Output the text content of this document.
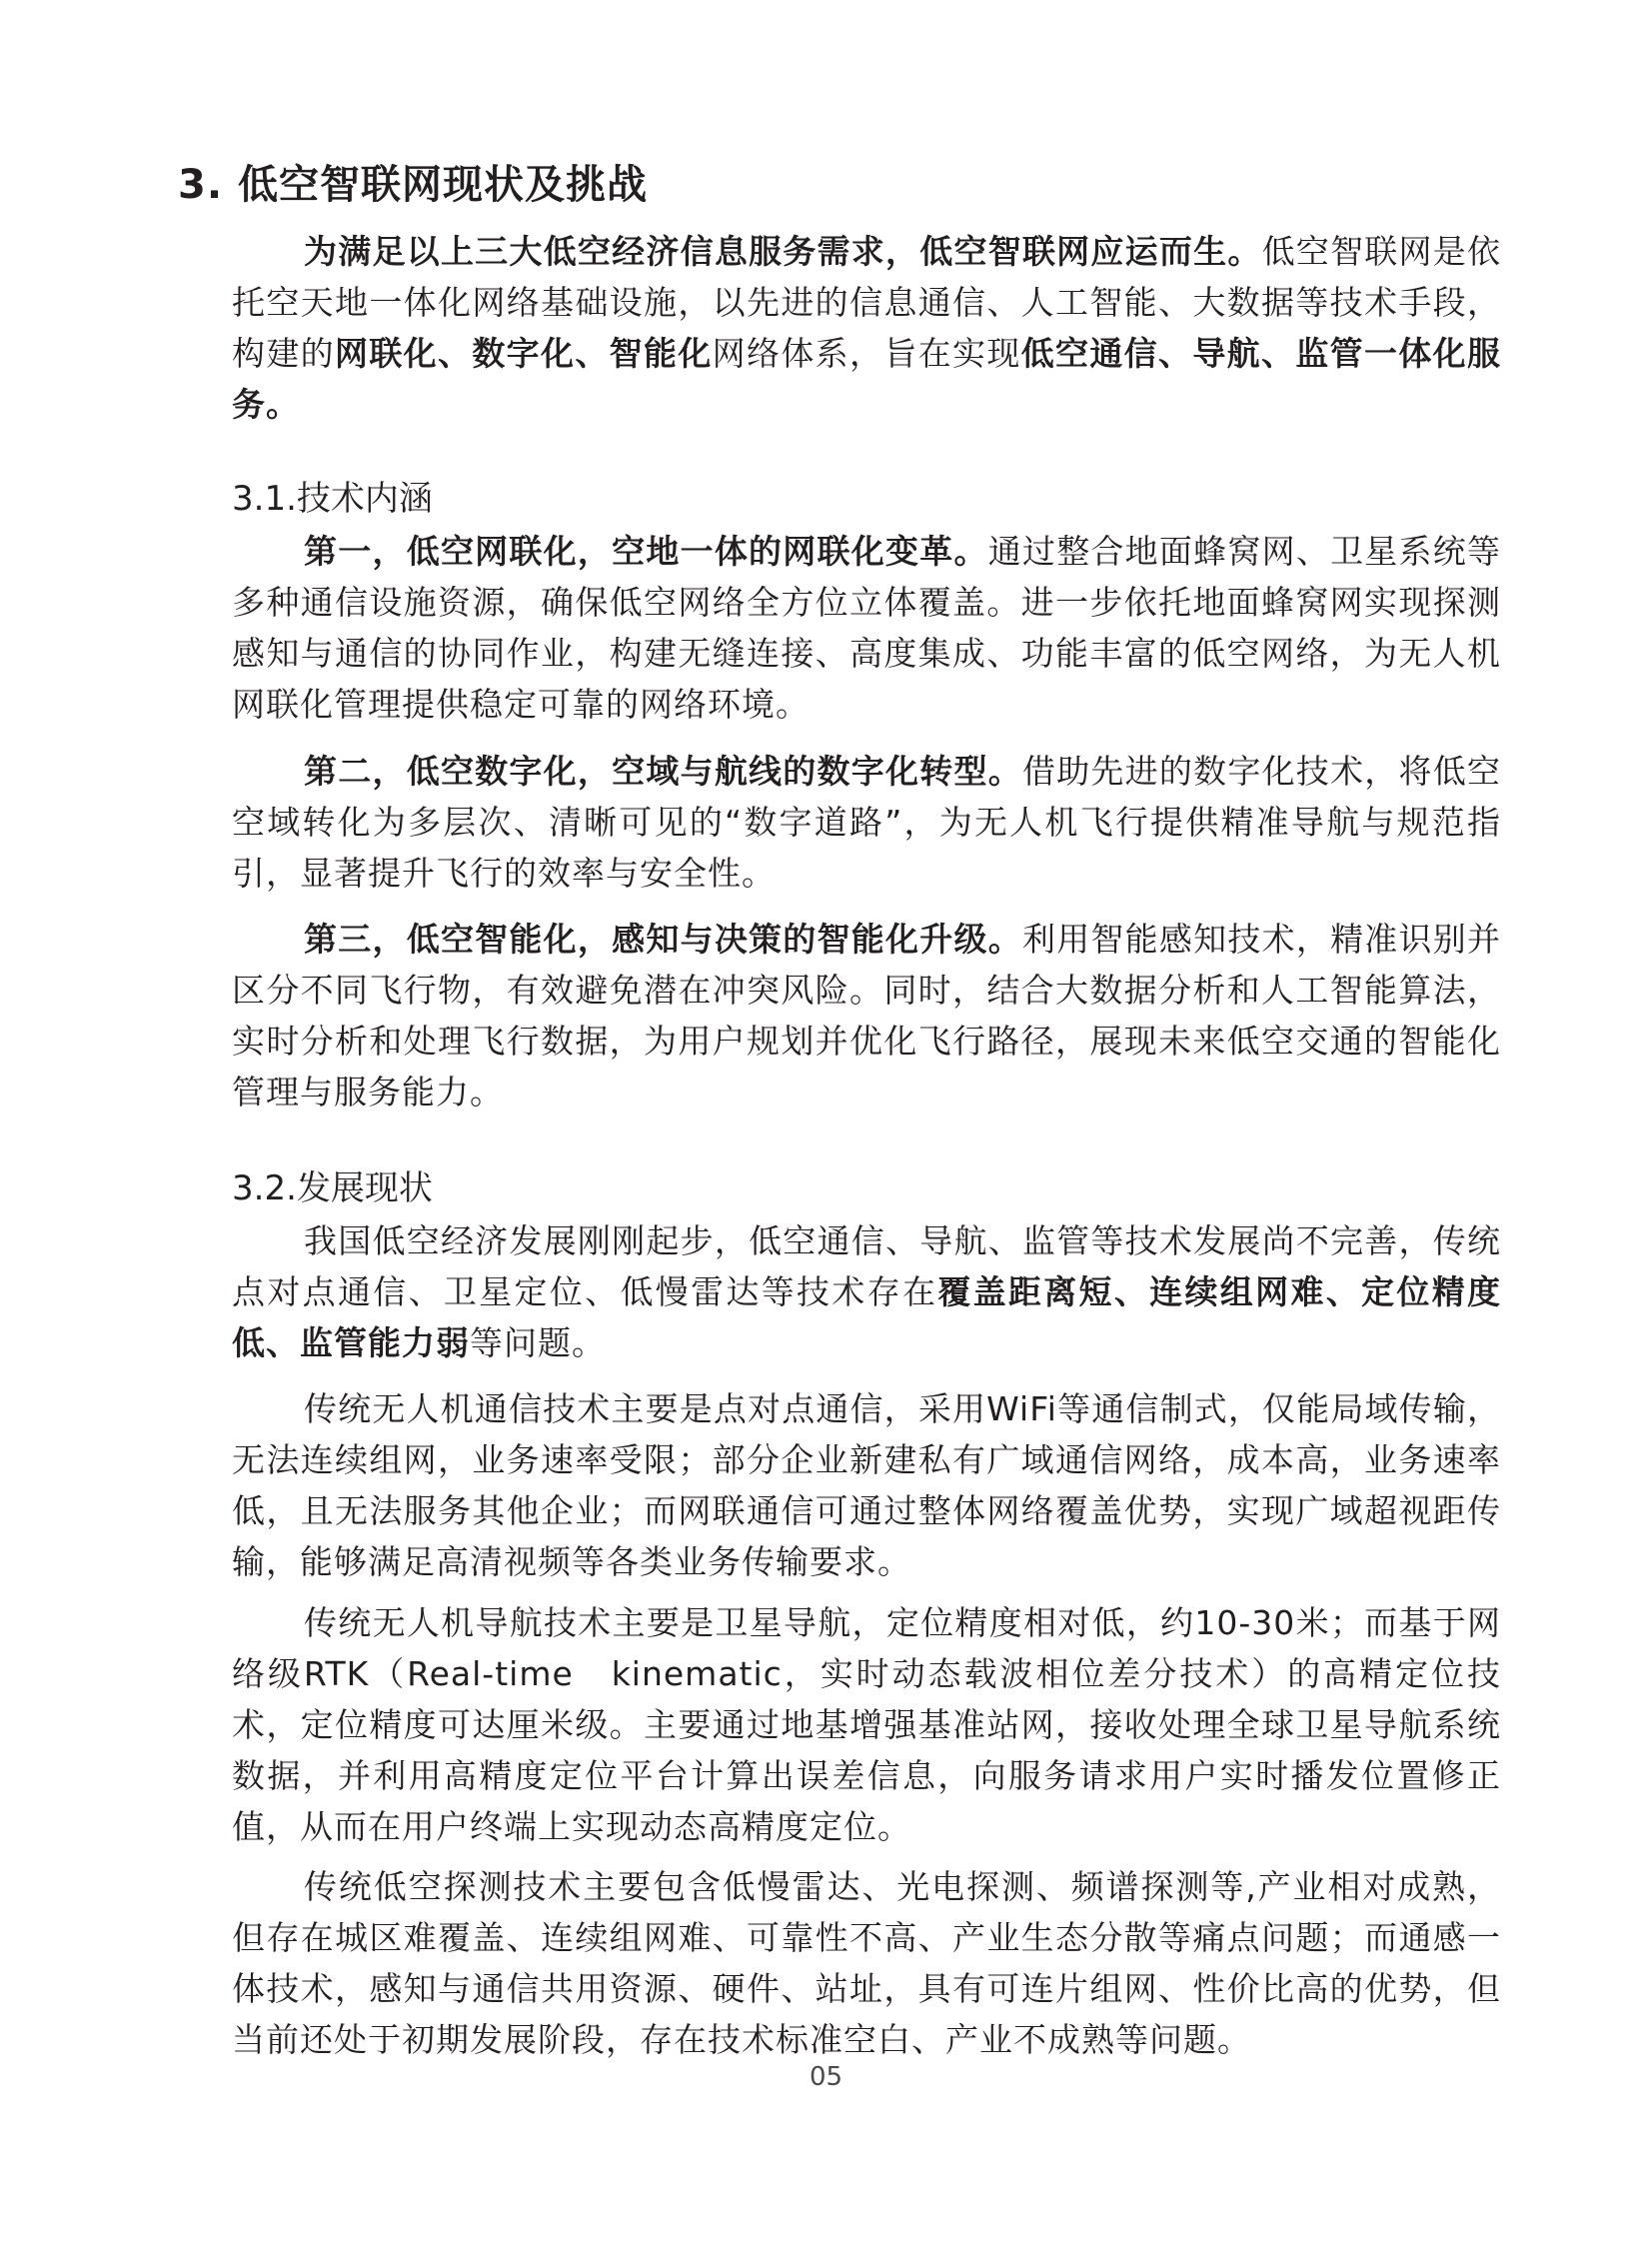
3. 低空智联网现状及挑战

为满足以上三大低空经济信息服务需求，低空智联网应运而生。低空智联网是依托空天地一体化网络基础设施，以先进的信息通信、人工智能、大数据等技术手段，构建的网联化、数字化、智能化网络体系，旨在实现低空通信、导航、监管一体化服务。

3.1.技术内涵

第一，低空网联化，空地一体的网联化变革。通过整合地面蜂窝网、卫星系统等多种通信设施资源，确保低空网络全方位立体覆盖。进一步依托地面蜂窝网实现探测感知与通信的协同作业，构建无缝连接、高度集成、功能丰富的低空网络，为无人机网联化管理提供稳定可靠的网络环境。

第二，低空数字化，空域与航线的数字化转型。借助先进的数字化技术，将低空空域转化为多层次、清晰可见的“数字道路”，为无人机飞行提供精准导航与规范指引，显著提升飞行的效率与安全性。

第三，低空智能化，感知与决策的智能化升级。利用智能感知技术，精准识别并区分不同飞行物，有效避免潜在冲突风险。同时，结合大数据分析和人工智能算法，实时分析和处理飞行数据，为用户规划并优化飞行路径，展现未来低空交通的智能化管理与服务能力。

3.2.发展现状

我国低空经济发展刚刚起步，低空通信、导航、监管等技术发展尚不完善，传统点对点通信、卫星定位、低慢雷达等技术存在覆盖距离短、连续组网难、定位精度低、监管能力弱等问题。

传统无人机通信技术主要是点对点通信，采用WiFi等通信制式，仅能局域传输，无法连续组网，业务速率受限；部分企业新建私有广域通信网络，成本高，业务速率低，且无法服务其他企业；而网联通信可通过整体网络覆盖优势，实现广域超视距传输，能够满足高清视频等各类业务传输要求。

传统无人机导航技术主要是卫星导航，定位精度相对低，约10-30米；而基于网络级RTK（Real-time　kinematic，实时动态载波相位差分技术）的高精定位技术，定位精度可达厘米级。主要通过地基增强基准站网，接收处理全球卫星导航系统数据，并利用高精度定位平台计算出误差信息，向服务请求用户实时播发位置修正值，从而在用户终端上实现动态高精度定位。

传统低空探测技术主要包含低慢雷达、光电探测、频谱探测等,产业相对成熟，但存在城区难覆盖、连续组网难、可靠性不高、产业生态分散等痛点问题；而通感一体技术，感知与通信共用资源、硬件、站址，具有可连片组网、性价比高的优势，但当前还处于初期发展阶段，存在技术标准空白、产业不成熟等问题。

05
